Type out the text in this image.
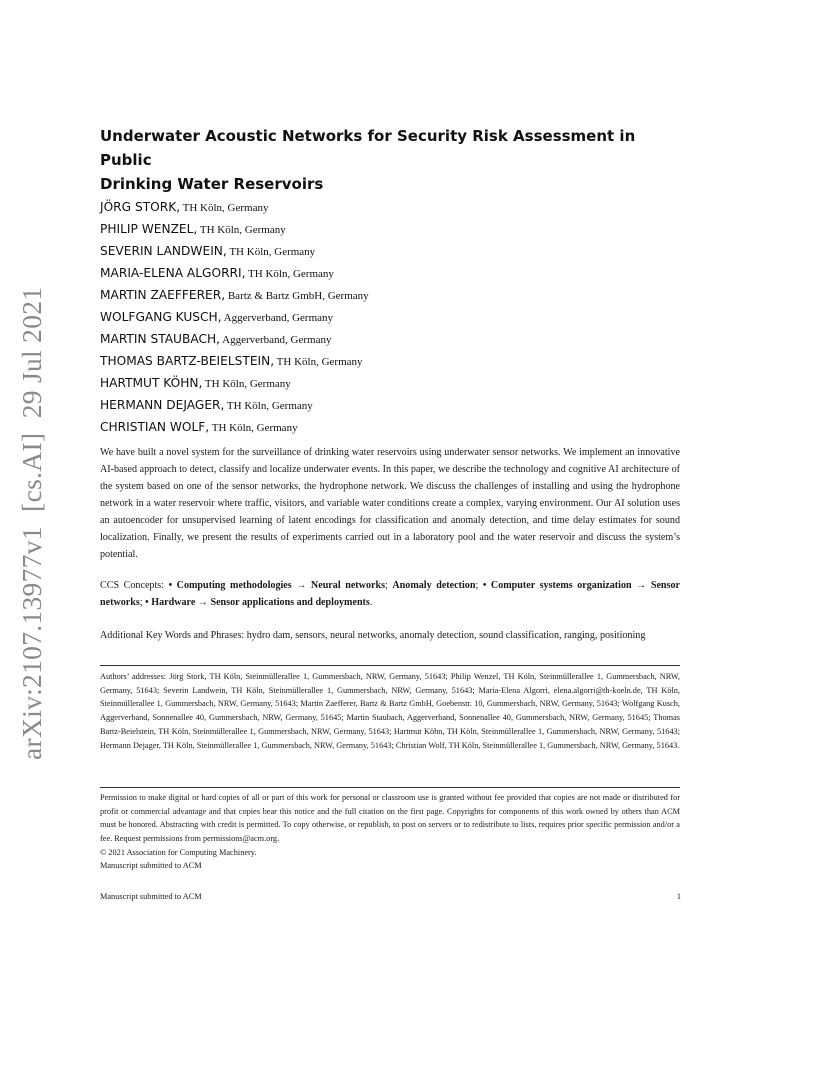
arXiv:2107.13977v1  [cs.AI]  29 Jul 2021
Underwater Acoustic Networks for Security Risk Assessment in Public
Drinking Water Reservoirs
JÖRG STORK, TH Köln, Germany
PHILIP WENZEL, TH Köln, Germany
SEVERIN LANDWEIN, TH Köln, Germany
MARIA-ELENA ALGORRI, TH Köln, Germany
MARTIN ZAEFFERER, Bartz & Bartz GmbH, Germany
WOLFGANG KUSCH, Aggerverband, Germany
MARTIN STAUBACH, Aggerverband, Germany
THOMAS BARTZ-BEIELSTEIN, TH Köln, Germany
HARTMUT KÖHN, TH Köln, Germany
HERMANN DEJAGER, TH Köln, Germany
CHRISTIAN WOLF, TH Köln, Germany
We have built a novel system for the surveillance of drinking water reservoirs using underwater sensor networks. We implement an innovative AI-based approach to detect, classify and localize underwater events. In this paper, we describe the technology and cognitive AI architecture of the system based on one of the sensor networks, the hydrophone network. We discuss the challenges of installing and using the hydrophone network in a water reservoir where traffic, visitors, and variable water conditions create a complex, varying environment. Our AI solution uses an autoencoder for unsupervised learning of latent encodings for classification and anomaly detection, and time delay estimates for sound localization. Finally, we present the results of experiments carried out in a laboratory pool and the water reservoir and discuss the system’s potential.
CCS Concepts: • Computing methodologies → Neural networks; Anomaly detection; • Computer systems organization → Sensor networks; • Hardware → Sensor applications and deployments.
Additional Key Words and Phrases: hydro dam, sensors, neural networks, anomaly detection, sound classification, ranging, positioning
Authors’ addresses: Jörg Stork, TH Köln, Steinmüllerallee 1, Gummersbach, NRW, Germany, 51643; Philip Wenzel, TH Köln, Steinmüllerallee 1, Gummersbach, NRW, Germany, 51643; Severin Landwein, TH Köln, Steinmüllerallee 1, Gummersbach, NRW, Germany, 51643; Maria-Elena Algorri, elena.algorri@th-koeln.de, TH Köln, Steinmüllerallee 1, Gummersbach, NRW, Germany, 51643; Martin Zaefferer, Bartz & Bartz GmbH, Goebenstr. 10, Gummersbach, NRW, Germany, 51643; Wolfgang Kusch, Aggerverband, Sonnenallee 40, Gummersbach, NRW, Germany, 51645; Martin Staubach, Aggerverband, Sonnenallee 40, Gummersbach, NRW, Germany, 51645; Thomas Bartz-Beielstein, TH Köln, Steinmüllerallee 1, Gummersbach, NRW, Germany, 51643; Hartmut Köhn, TH Köln, Steinmüllerallee 1, Gummersbach, NRW, Germany, 51643; Hermann Dejager, TH Köln, Steinmüllerallee 1, Gummersbach, NRW, Germany, 51643; Christian Wolf, TH Köln, Steinmüllerallee 1, Gummersbach, NRW, Germany, 51643.
Permission to make digital or hard copies of all or part of this work for personal or classroom use is granted without fee provided that copies are not made or distributed for profit or commercial advantage and that copies bear this notice and the full citation on the first page. Copyrights for components of this work owned by others than ACM must be honored. Abstracting with credit is permitted. To copy otherwise, or republish, to post on servers or to redistribute to lists, requires prior specific permission and/or a fee. Request permissions from permissions@acm.org.
© 2021 Association for Computing Machinery.
Manuscript submitted to ACM
Manuscript submitted to ACM	1
